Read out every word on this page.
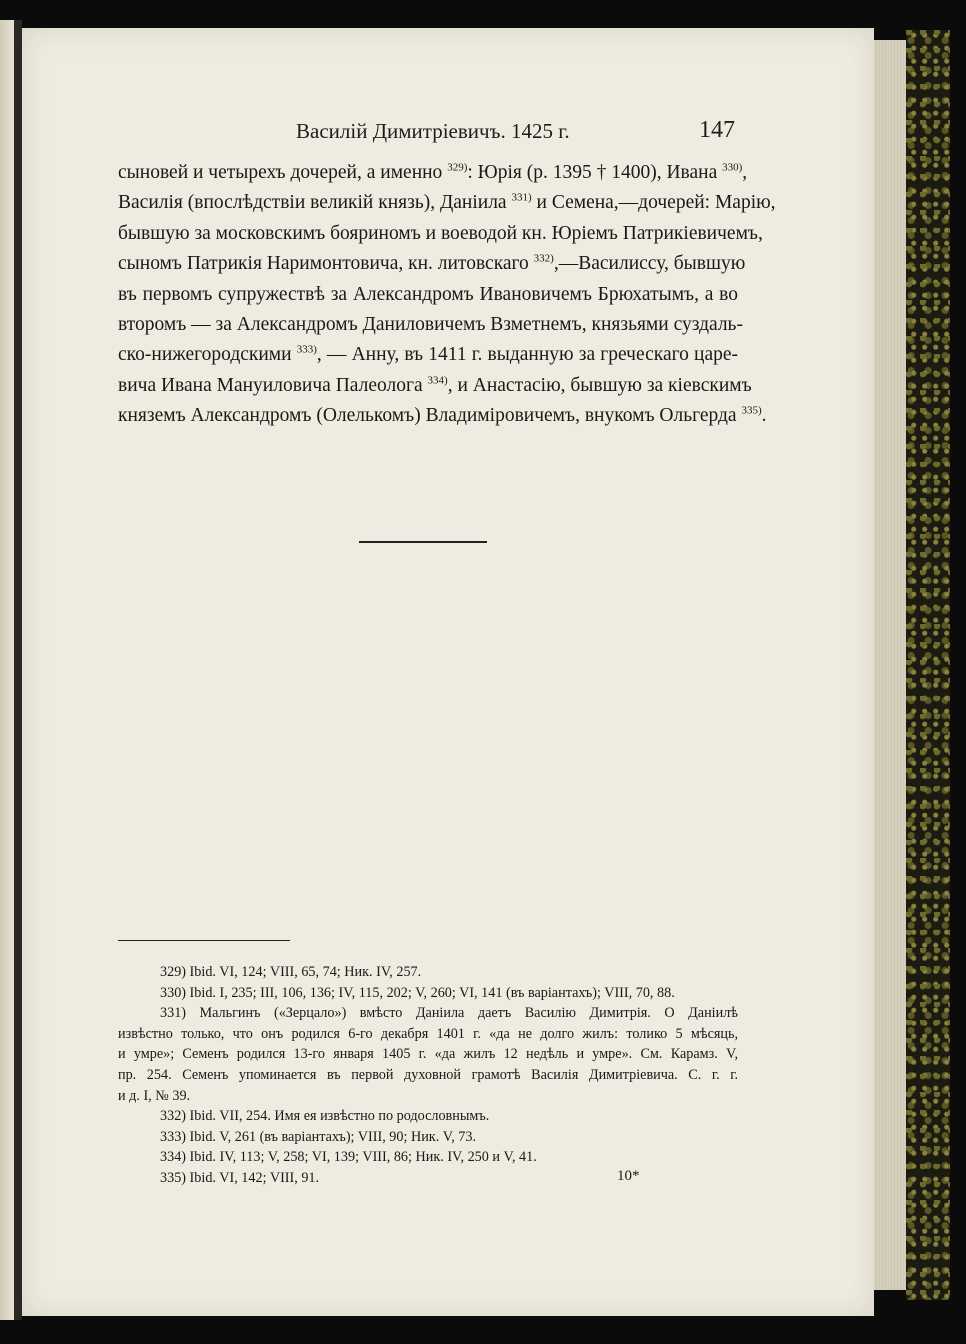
Василій Димитріевичъ. 1425 г.	147
сыновей и четырехъ дочерей, а именно $^{329)}$: Юрія (р. 1395 † 1400), Ивана $^{330)}$,
Василія (впослѣдствіи великій князь), Даніила $^{331)}$ и Семена,—дочерей: Марію,
бывшую за московскимъ бояриномъ и воеводой кн. Юріемъ Патрикіевичемъ,
сыномъ Патрикія Наримонтовича, кн. литовскаго $^{332)}$,—Василиссу, бывшую
въ первомъ супружествѣ за Александромъ Ивановичемъ Брюхатымъ, а во
второмъ — за Александромъ Даниловичемъ Взметнемъ, князьями суздаль-
ско-нижегородскими $^{333)}$, — Анну, въ 1411 г. выданную за греческаго царе-
вича Ивана Мануиловича Палеолога $^{334)}$, и Анастасію, бывшую за кіевскимъ
княземъ Александромъ (Олелькомъ) Владиміровичемъ, внукомъ Ольгерда $^{335)}$.
329) Ibid. VI, 124; VIII, 65, 74; Ник. IV, 257.
330) Ibid. I, 235; III, 106, 136; IV, 115, 202; V, 260; VI, 141 (въ варіантахъ); VIII, 70, 88.
331) Мальгинъ («Зерцало») вмѣсто Даніила даетъ Василію Димитрія. О Даніилѣ
извѣстно только, что онъ родился 6-го декабря 1401 г. «да не долго жилъ: толико 5 мѣсяць,
и умре»; Семенъ родился 13-го января 1405 г. «да жилъ 12 недѣль и умре». См. Карамз. V,
пр. 254. Семенъ упоминается въ первой духовной грамотѣ Василія Димитріевича. С. г. г.
и д. I, № 39.
332) Ibid. VII, 254. Имя ея извѣстно по родословнымъ.
333) Ibid. V, 261 (въ варіантахъ); VIII, 90; Ник. V, 73.
334) Ibid. IV, 113; V, 258; VI, 139; VIII, 86; Ник. IV, 250 и V, 41.
335) Ibid. VI, 142; VIII, 91.	10*
